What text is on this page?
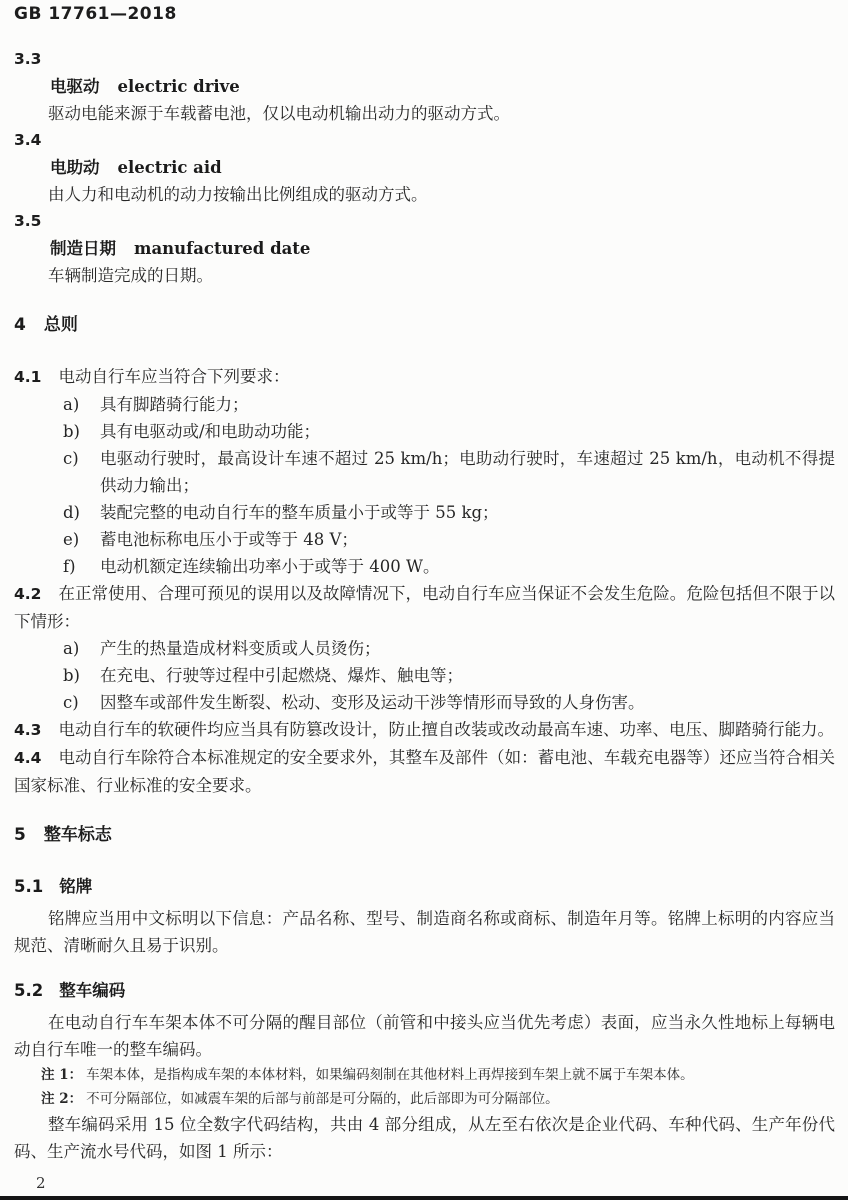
GB 17761—2018
3.3
电驱动 electric drive
驱动电能来源于车载蓄电池，仅以电动机输出动力的驱动方式。
3.4
电助动 electric aid
由人力和电动机的动力按输出比例组成的驱动方式。
3.5
制造日期 manufactured date
车辆制造完成的日期。
4 总则

4.1 电动自行车应当符合下列要求：

a)	具有脚踏骑行能力；
b)	具有电驱动或/和电助动功能；
c)	电驱动行驶时，最高设计车速不超过 25 km/h；电助动行驶时，车速超过 25 km/h，电动机不得提供动力输出；
d)	装配完整的电动自行车的整车质量小于或等于 55 kg；
e)	蓄电池标称电压小于或等于 48 V；
f)	电动机额定连续输出功率小于或等于 400 W。

4.2 在正常使用、合理可预见的误用以及故障情况下，电动自行车应当保证不会发生危险。危险包括但不限于以下情形：

a)	产生的热量造成材料变质或人员烫伤；
b)	在充电、行驶等过程中引起燃烧、爆炸、触电等；
c)	因整车或部件发生断裂、松动、变形及运动干涉等情形而导致的人身伤害。

4.3 电动自行车的软硬件均应当具有防篡改设计，防止擅自改装或改动最高车速、功率、电压、脚踏骑行能力。

4.4 电动自行车除符合本标准规定的安全要求外，其整车及部件（如：蓄电池、车载充电器等）还应当符合相关国家标准、行业标准的安全要求。

5 整车标志
5.1 铭牌

铭牌应当用中文标明以下信息：产品名称、型号、制造商名称或商标、制造年月等。铭牌上标明的内容应当规范、清晰耐久且易于识别。

5.2 整车编码

在电动自行车车架本体不可分隔的醒目部位（前管和中接头应当优先考虑）表面，应当永久性地标上每辆电动自行车唯一的整车编码。

注 1： 车架本体，是指构成车架的本体材料，如果编码刻制在其他材料上再焊接到车架上就不属于车架本体。

注 2： 不可分隔部位，如减震车架的后部与前部是可分隔的，此后部即为可分隔部位。

整车编码采用 15 位全数字代码结构，共由 4 部分组成，从左至右依次是企业代码、车种代码、生产年份代码、生产流水号代码，如图 1 所示：

2
